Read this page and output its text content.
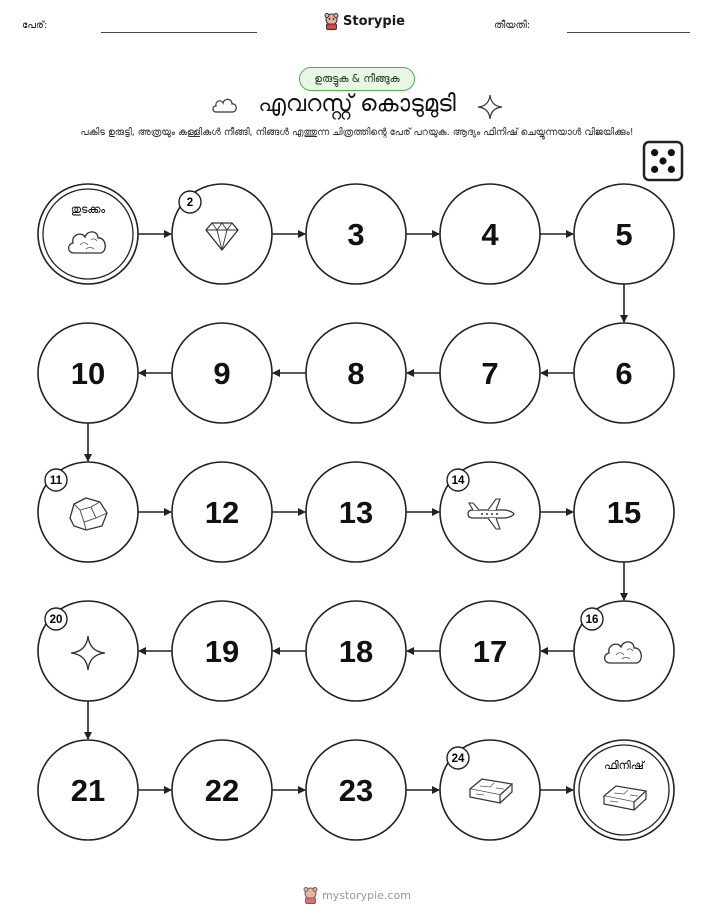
പേര്:	Storypie	തീയതി:
ഉരുട്ടുക & നീങ്ങുക
എവറസ്റ്റ് കൊടുമുടി
പകിട ഉരുട്ടി, അത്രയും കള്ളികൾ നീങ്ങി, നിങ്ങൾ എത്തുന്ന ചിത്രത്തിന്റെ പേര് പറയുക. ആദ്യം ഫിനിഷ് ചെയ്യുന്നയാൾ വിജയിക്കും!
തുടക്കം	2
3	4	5
6
7
8
9
10
11
12	13
14
15
16
17
18
19
20
21	22	23
24	ഫിനിഷ്
mystorypie.com
